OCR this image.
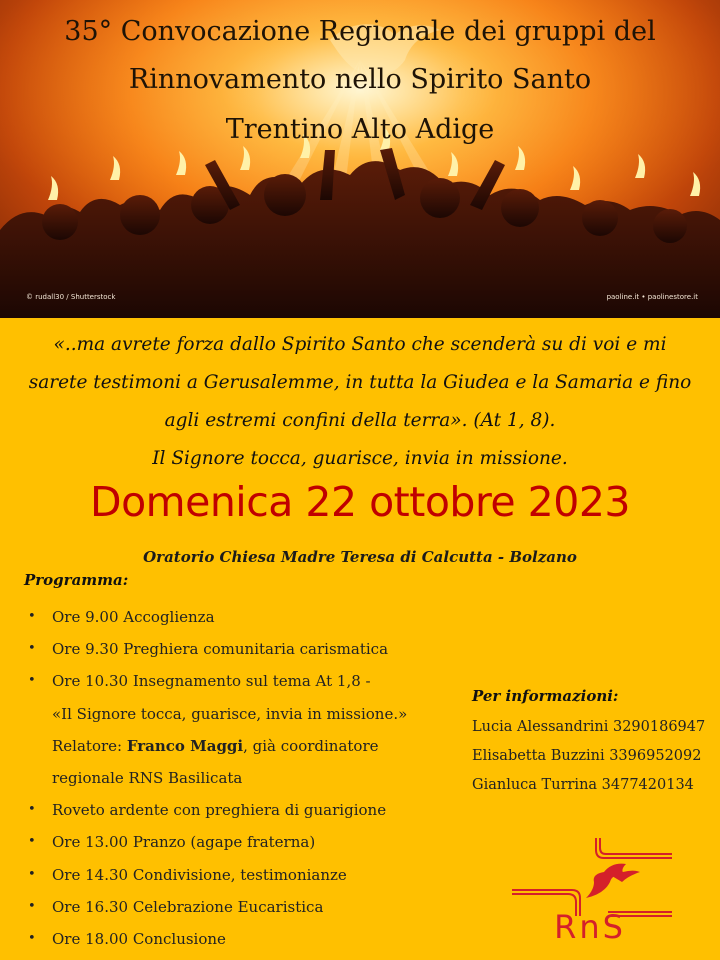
35° Convocazione Regionale dei gruppi del
Rinnovamento nello Spirito Santo
Trentino Alto Adige
© rudall30 / Shutterstock	paoline.it • paolinestore.it
«..ma avrete forza dallo Spirito Santo che scenderà su di voi e mi
sarete testimoni a Gerusalemme, in tutta la Giudea e la Samaria e fino
agli estremi confini della terra». (At 1, 8).
Il Signore tocca, guarisce, invia in missione.
Domenica 22 ottobre 2023
Oratorio Chiesa Madre Teresa di Calcutta - Bolzano
Programma:
• Ore 9.00 Accoglienza
• Ore 9.30 Preghiera comunitaria carismatica
• Ore 10.30 Insegnamento sul tema At 1,8 -
«Il Signore tocca, guarisce, invia in missione.»
Relatore: Franco Maggi, già coordinatore
regionale RNS Basilicata
• Roveto ardente con preghiera di guarigione
• Ore 13.00 Pranzo (agape fraterna)
• Ore 14.30 Condivisione, testimonianze
• Ore 16.30 Celebrazione Eucaristica
• Ore 18.00 Conclusione
Per informazioni:
Lucia Alessandrini 3290186947
Elisabetta Buzzini 3396952092
Gianluca Turrina 3477420134
RnS
